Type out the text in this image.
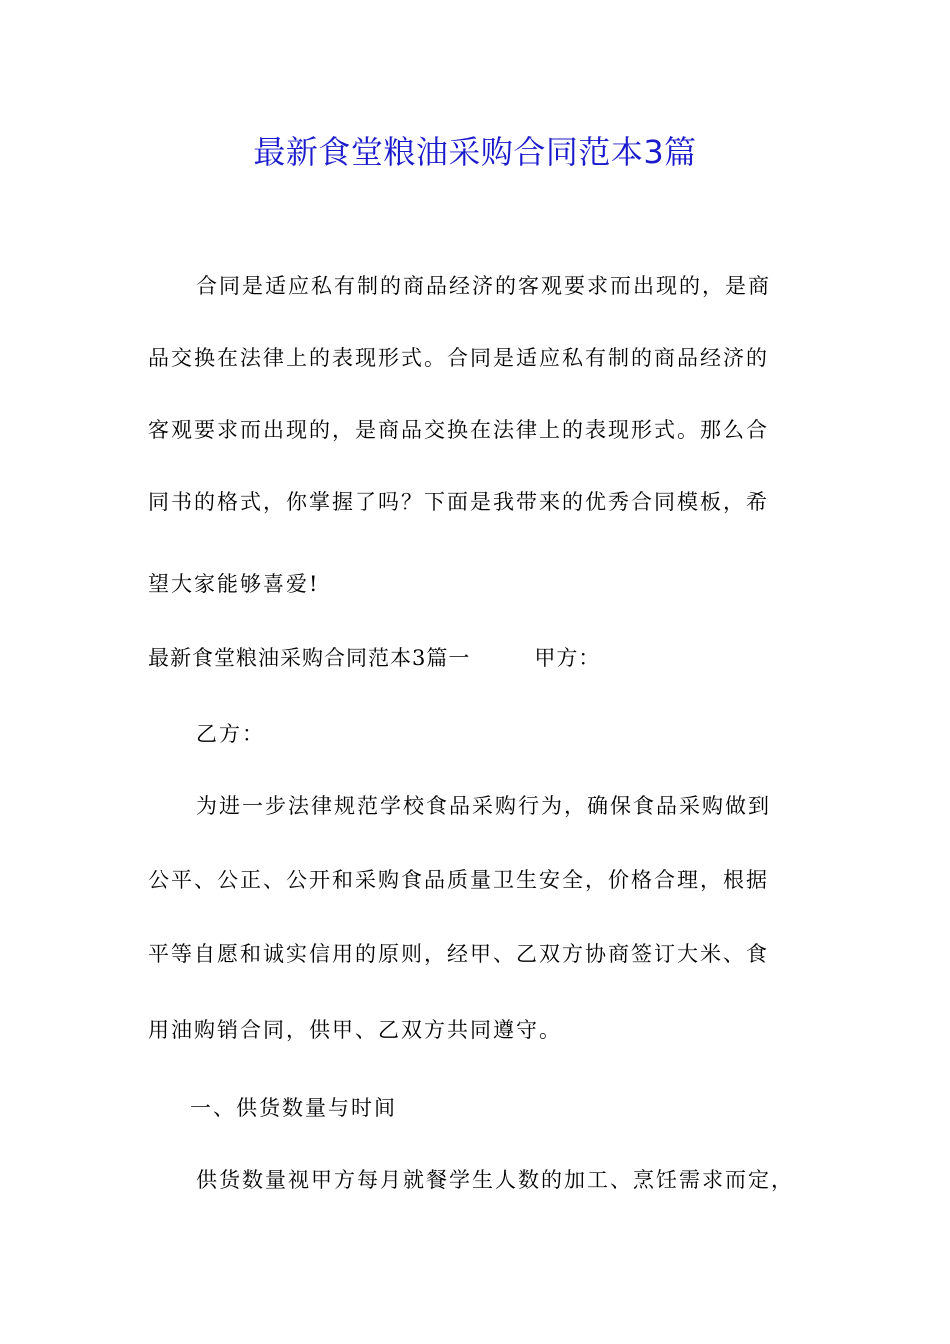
最新食堂粮油采购合同范本3篇
合同是适应私有制的商品经济的客观要求而出现的，是商
品交换在法律上的表现形式。合同是适应私有制的商品经济的
客观要求而出现的，是商品交换在法律上的表现形式。那么合
同书的格式，你掌握了吗？下面是我带来的优秀合同模板，希
望大家能够喜爱!
最新食堂粮油采购合同范本3篇一	甲方：
乙方：
为进一步法律规范学校食品采购行为，确保食品采购做到
公平、公正、公开和采购食品质量卫生安全，价格合理，根据
平等自愿和诚实信用的原则，经甲、乙双方协商签订大米、食
用油购销合同，供甲、乙双方共同遵守。
一、供货数量与时间
供货数量视甲方每月就餐学生人数的加工、烹饪需求而定，
